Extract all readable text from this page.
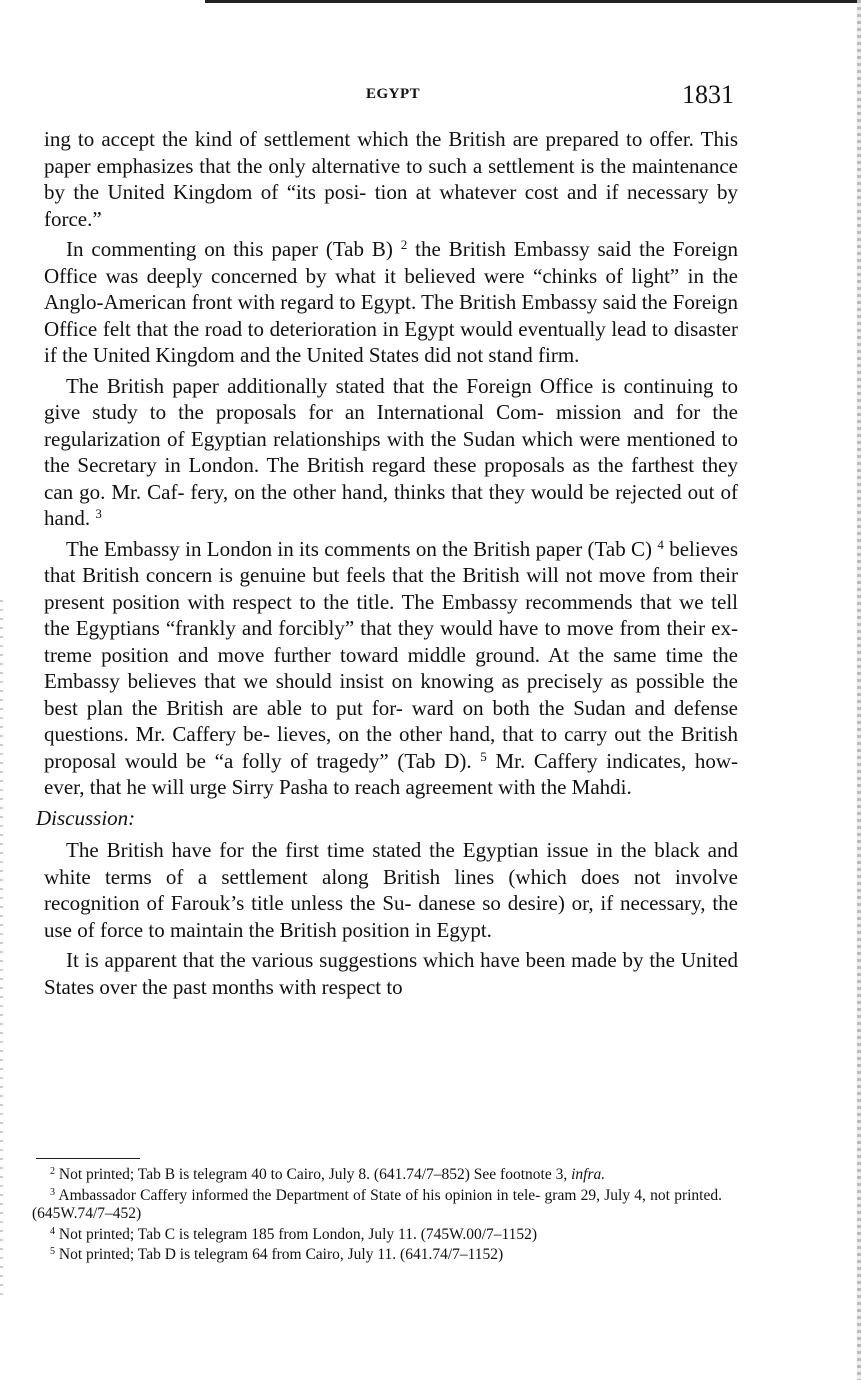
EGYPT	1831

ing to accept the kind of settlement which the British are prepared to offer. This paper emphasizes that the only alternative to such a settlement is the maintenance by the United Kingdom of “its posi- tion at whatever cost and if necessary by force.”

In commenting on this paper (Tab B) $^2$ the British Embassy said the Foreign Office was deeply concerned by what it believed were “chinks of light” in the Anglo-American front with regard to Egypt. The British Embassy said the Foreign Office felt that the road to deterioration in Egypt would eventually lead to disaster if the United Kingdom and the United States did not stand firm.

The British paper additionally stated that the Foreign Office is continuing to give study to the proposals for an International Com- mission and for the regularization of Egyptian relationships with the Sudan which were mentioned to the Secretary in London. The British regard these proposals as the farthest they can go. Mr. Caf- fery, on the other hand, thinks that they would be rejected out of hand. $^3$

The Embassy in London in its comments on the British paper (Tab C) $^4$ believes that British concern is genuine but feels that the British will not move from their present position with respect to the title. The Embassy recommends that we tell the Egyptians “frankly and forcibly” that they would have to move from their ex- treme position and move further toward middle ground. At the same time the Embassy believes that we should insist on knowing as precisely as possible the best plan the British are able to put for- ward on both the Sudan and defense questions. Mr. Caffery be- lieves, on the other hand, that to carry out the British proposal would be “a folly of tragedy” (Tab D). $^5$ Mr. Caffery indicates, how- ever, that he will urge Sirry Pasha to reach agreement with the Mahdi.

Discussion:

The British have for the first time stated the Egyptian issue in the black and white terms of a settlement along British lines (which does not involve recognition of Farouk’s title unless the Su- danese so desire) or, if necessary, the use of force to maintain the British position in Egypt.

It is apparent that the various suggestions which have been made by the United States over the past months with respect to

$^2$ Not printed; Tab B is telegram 40 to Cairo, July 8. (641.74/7–852) See footnote 3, infra.

$^3$ Ambassador Caffery informed the Department of State of his opinion in tele- gram 29, July 4, not printed. (645W.74/7–452)

$^4$ Not printed; Tab C is telegram 185 from London, July 11. (745W.00/7–1152)

$^5$ Not printed; Tab D is telegram 64 from Cairo, July 11. (641.74/7–1152)
